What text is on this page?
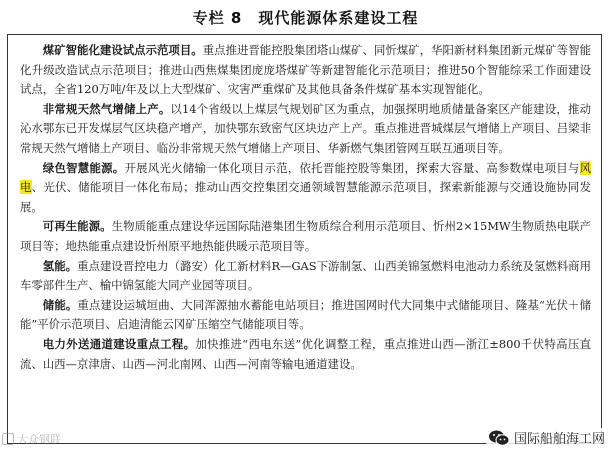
专栏 8　现代能源体系建设工程

煤矿智能化建设试点示范项目。重点推进晋能控股集团塔山煤矿、同忻煤矿，华阳新材料集团新元煤矿等智能化升级改造试点示范项目；推进山西焦煤集团庞庞塔煤矿等新建智能化示范项目；推进50个智能综采工作面建设试点，全省120万吨/年及以上大型煤矿、灾害严重煤矿及其他具备条件煤矿基本实现智能化。

非常规天然气增储上产。以14个省级以上煤层气规划矿区为重点，加强探明地质储量备案区产能建设，推动沁水鄂东已开发煤层气区块稳产增产，加快鄂东致密气区块边产上产。重点推进晋城煤层气增储上产项目、吕梁非常规天然气增储上产项目、临汾非常规天然气增储上产项目、华新燃气集团管网互联互通项目等。

绿色智慧能源。开展风光火储输一体化项目示范，依托晋能控股等集团，探索大容量、高参数煤电项目与风电、光伏、储能项目一体化布局；推动山西交控集团交通领域智慧能源示范项目，探索新能源与交通设施协同发展。

可再生能源。生物质能重点建设华远国际陆港集团生物质综合利用示范项目、忻州2×15MW生物质热电联产项目等；地热能重点建设忻州原平地热能供暖示范项目等。

氢能。重点建设晋控电力（潞安）化工新材料R—GAS下游制氢、山西美锦氢燃料电池动力系统及氢燃料商用车零部件生产、榆中锦氢能大同产业园等项目。

储能。重点建设运城垣曲、大同浑源抽水蓄能电站项目；推进国网时代大同集中式储能项目、隆基“光伏＋储能”平价示范项目、启迪清能云冈矿压缩空气储能项目等。

电力外送通道建设重点工程。加快推进“西电东送”优化调整工程，重点推进山西—浙江±800千伏特高压直流、山西—京津唐、山西—河北南网、山西—河南等输电通道建设。

大众钢联	国际船舶海工网
